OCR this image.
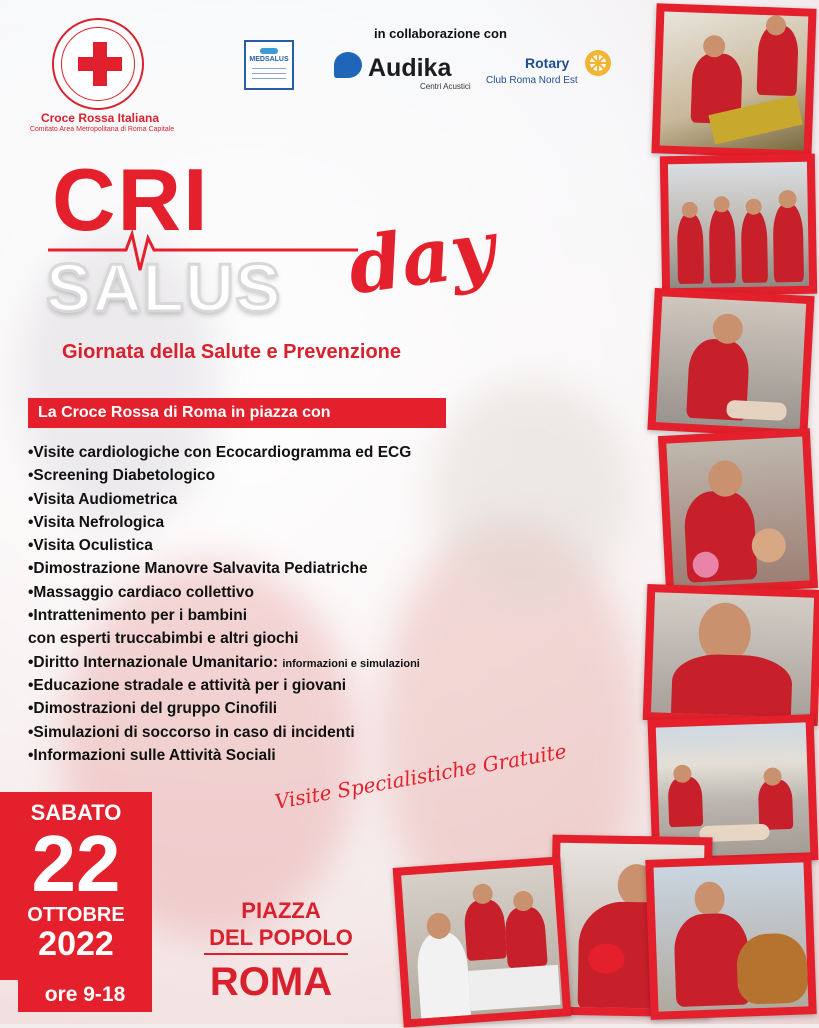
Croce Rossa Italiana
Comitato Area Metropolitana di Roma Capitale
MEDSALUS
in collaborazione con
Audika
Centri Acustici
Rotary
Club Roma Nord Est
CRI
SALUS day
Giornata della Salute e Prevenzione
La Croce Rossa di Roma in piazza con
•Visite cardiologiche con Ecocardiogramma ed ECG
•Screening Diabetologico
•Visita Audiometrica
•Visita Nefrologica
•Visita Oculistica
•Dimostrazione Manovre Salvavita Pediatriche
•Massaggio cardiaco collettivo
•Intrattenimento per i bambini
con esperti truccabimbi e altri giochi
•Diritto Internazionale Umanitario: informazioni e simulazioni
•Educazione stradale e attività per i giovani
•Dimostrazioni del gruppo Cinofili
•Simulazioni di soccorso in caso di incidenti
•Informazioni sulle Attività Sociali
Visite Specialistiche Gratuite
SABATO
22
OTTOBRE
2022
ore 9-18
PIAZZA
DEL POPOLO
ROMA
